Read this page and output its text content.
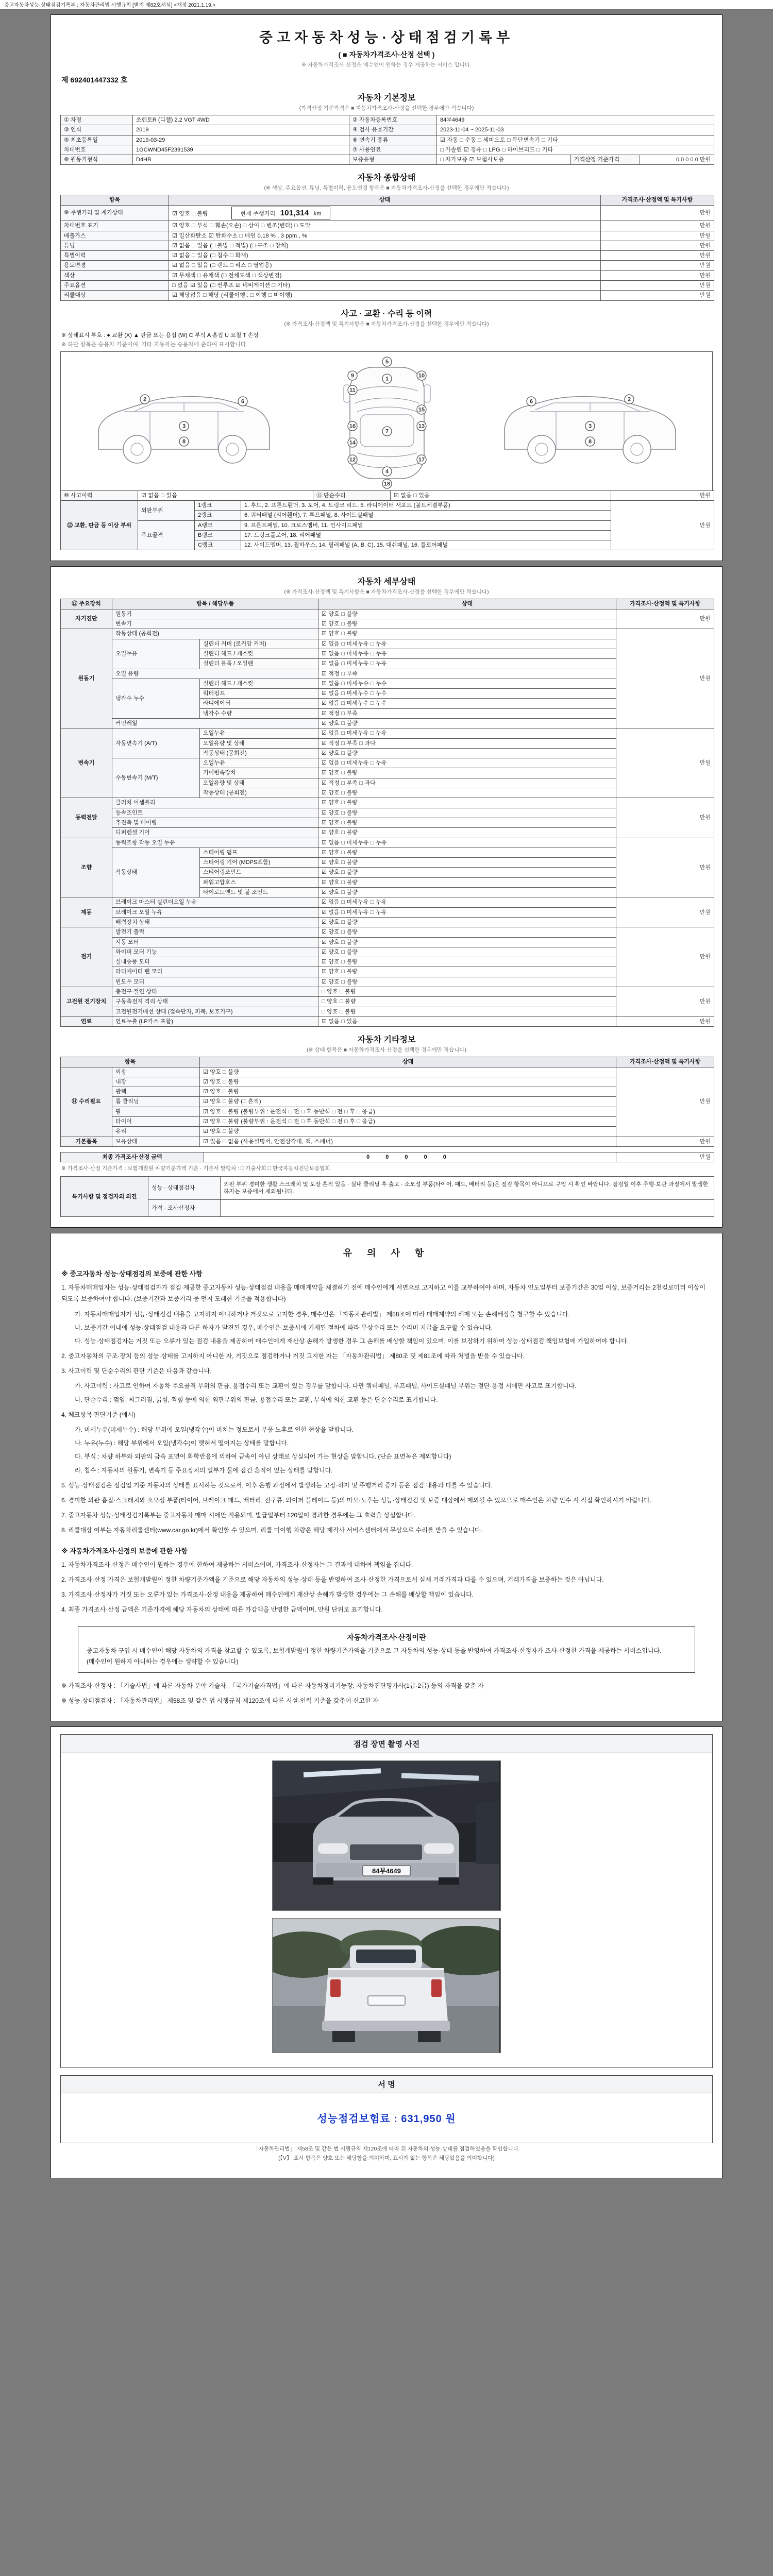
중고자동차성능·상태점검기록부 : 자동차관리법 시행규칙 [별지 제82호서식] <개정 2021.1.19.>
중고자동차성능·상태점검기록부
( ■ 자동차가격조사·산정 선택 )
※ 자동차가격조사·산정은 매수인이 원하는 경우 제공하는 서비스 입니다.
제 692401447332 호
자동차 기본정보
(가격산정 기준가격은 ■ 자동차가격조사·산정을 선택한 경우에만 적습니다)
① 차명	쏘렌토R (디젤) 2.2 VGT 4WD	② 자동차등록번호	84부4649		
③ 연식	2019	④ 검사 유효기간	2023-11-04 ~ 2025-11-03		
⑤ 최초등록일	2019-03-29	⑥ 변속기 종류	☑ 자동 □ 수동 □ 세미오토 □ 무단변속기 □ 기타		
차대번호	1GCWND45F2391539	⑦ 사용연료	□ 가솔린 ☑ 경유 □ LPG □ 하이브리드 □ 기타		
⑧ 원동기형식	D4HB	보증유형	□ 자가보증 ☑ 보험사보증	가격산정 기준가격	0 0 0 0 0 만원
자동차 종합상태
(※ 색상, 주요옵션, 튜닝, 특별이력, 용도변경 항목은 ■ 자동차가격조사·산정을 선택한 경우에만 적습니다)
항목	상태	가격조사·산정액 및 특기사항
⑨ 주행거리 및 계기상태	☑ 양호 □ 불량 현재 주행거리 101,314 km	만원
차대번호 표기	☑ 양호 □ 부식 □ 훼손(오손) □ 상이 □ 변조(변타) □ 도말	만원
배출가스	☑ 일산화탄소 ☑ 탄화수소 □ 매연 0.18 % , 3 ppm , %	만원
튜닝	☑ 없음 □ 있음 (□ 불법 □ 적법) (□ 구조 □ 장치)	만원
특별이력	☑ 없음 □ 있음 (□ 침수 □ 화재)	만원
용도변경	☑ 없음 □ 있음 (□ 렌트 □ 리스 □ 영업용)	만원
색상	☑ 무채색 □ 유채색 (□ 전체도색 □ 색상변경)	만원
주요옵션	□ 없음 ☑ 있음 (□ 썬루프 ☑ 네비게이션 □ 기타)	만원
리콜대상	☑ 해당없음 □ 해당 (리콜이행 : □ 이행 □ 미이행)	만원
사고 · 교환 · 수리 등 이력
(※ 가격조사·산정액 및 특기사항은 ■ 자동차가격조사·산정을 선택한 경우에만 적습니다)
※ 상태표시 부호 : ● 교환 (X) ▲ 판금 또는 용접 (W) C 부식 A 흠집 U 요철 T 손상
※ 하단 항목은 승용차 기준이며, 기타 자동차는 승용차에 준하여 표시합니다.
2
3
6
8
5
1
7
4
18
9	10
11
15
16	13
14
12	17
2
3
6
8
⑩ 사고이력	☑ 없음 □ 있음	⑪ 단순수리	☑ 없음 □ 있음	만원
⑫ 교환, 판금 등 이상 부위	외판부위	1랭크	1. 후드, 2. 프론트휀더, 3. 도어, 4. 트렁크 리드, 5. 라디에이터 서포트 (볼트체결부품)	만원
		2랭크	6. 쿼터패널 (리어휀더), 7. 루프패널, 8. 사이드실패널	
	주요골격	A랭크	9. 프론트패널, 10. 크로스멤버, 11. 인사이드패널	
		B랭크	17. 트렁크플로어, 18. 리어패널	
		C랭크	12. 사이드멤버, 13. 휠하우스, 14. 필러패널 (A, B, C), 15. 대쉬패널, 16. 플로어패널	
자동차 세부상태
(※ 가격조사·산정액 및 특기사항은 ■ 자동차가격조사·산정을 선택한 경우에만 적습니다)
⑬ 주요장치	항목 / 해당부품		상태	가격조사·산정액 및 특기사항
자기진단	원동기		☑ 양호 □ 불량	만원
	변속기		☑ 양호 □ 불량	
원동기	작동상태 (공회전)		☑ 양호 □ 불량	만원
	오일누유	실린더 커버 (로커암 커버)	☑ 없음 □ 미세누유 □ 누유	
		실린더 헤드 / 개스킷	☑ 없음 □ 미세누유 □ 누유	
		실린더 블록 / 오일팬	☑ 없음 □ 미세누유 □ 누유	
	오일 유량		☑ 적정 □ 부족	
	냉각수 누수	실린더 헤드 / 개스킷	☑ 없음 □ 미세누수 □ 누수	
		워터펌프	☑ 없음 □ 미세누수 □ 누수	
		라디에이터	☑ 없음 □ 미세누수 □ 누수	
		냉각수 수량	☑ 적정 □ 부족	
	커먼레일		☑ 양호 □ 불량	
변속기	자동변속기 (A/T)	오일누유	☑ 없음 □ 미세누유 □ 누유	만원
		오일유량 및 상태	☑ 적정 □ 부족 □ 과다	
		작동상태 (공회전)	☑ 양호 □ 불량	
	수동변속기 (M/T)	오일누유	☑ 없음 □ 미세누유 □ 누유	
		기어변속장치	☑ 양호 □ 불량	
		오일유량 및 상태	☑ 적정 □ 부족 □ 과다	
		작동상태 (공회전)	☑ 양호 □ 불량	
동력전달	클러치 어셈블리		☑ 양호 □ 불량	만원
	등속조인트		☑ 양호 □ 불량	
	추진축 및 베어링		☑ 양호 □ 불량	
	디퍼렌셜 기어		☑ 양호 □ 불량	
조향	동력조향 작동 오일 누유		☑ 없음 □ 미세누유 □ 누유	만원
	작동상태	스티어링 펌프	☑ 양호 □ 불량	
		스티어링 기어 (MDPS포함)	☑ 양호 □ 불량	
		스티어링조인트	☑ 양호 □ 불량	
		파워고압호스	☑ 양호 □ 불량	
		타이로드엔드 및 볼 조인트	☑ 양호 □ 불량	
제동	브레이크 마스터 실린더오일 누유		☑ 없음 □ 미세누유 □ 누유	만원
	브레이크 오일 누유		☑ 없음 □ 미세누유 □ 누유	
	배력장치 상태		☑ 양호 □ 불량	
전기	발전기 출력		☑ 양호 □ 불량	만원
	시동 모터		☑ 양호 □ 불량	
	와이퍼 모터 기능		☑ 양호 □ 불량	
	실내송풍 모터		☑ 양호 □ 불량	
	라디에이터 팬 모터		☑ 양호 □ 불량	
	윈도우 모터		☑ 양호 □ 불량	
고전원 전기장치	충전구 절연 상태		□ 양호 □ 불량	만원
	구동축전지 격리 상태		□ 양호 □ 불량	
	고전원전기배선 상태 (접속단자, 피복, 보호기구)		□ 양호 □ 불량	
연료	연료누출 (LP가스 포함)		☑ 없음 □ 있음	만원
자동차 기타정보
(※ 상태 항목은 ■ 자동차가격조사·산정을 선택한 경우에만 적습니다)
항목		상태	가격조사·산정액 및 특기사항
⑭ 수리필요	외장	☑ 양호 □ 불량	만원
	내장	☑ 양호 □ 불량	
	광택	☑ 양호 □ 불량	
	룸 클리닝	☑ 양호 □ 불량 (□ 흔적)	
	휠	☑ 양호 □ 불량 (불량부위 : 운전석 □ 전 □ 후 동반석 □ 전 □ 후 □ 응급)	
	타이어	☑ 양호 □ 불량 (불량부위 : 운전석 □ 전 □ 후 동반석 □ 전 □ 후 □ 응급)	
	유리	☑ 양호 □ 불량	
기본품목	보유상태	☑ 있음 □ 없음 (사용설명서, 안전삼각대, 잭, 스패너)	만원
최종 가격조사·산정 금액	0 0 0 0 0	만원
※ 가격조사·산정 기준가격 : 보험개발원 차량기준가액 기준 · 기준서 발행처 : □ 기술사회 □ 한국자동차진단보증협회
특기사항 및 점검자의 의견	성능 · 상태점검자	외판 부위 경미한 생활 스크래치 및 도장 흔적 있음 · 실내 클리닝 후 출고 · 소모성 부품(타이어, 패드, 배터리 등)은 점검 항목이 아니므로 구입 시 확인 바랍니다. 점검일 이후 주행·보관 과정에서 발생한 하자는 보증에서 제외됩니다.
	가격 · 조사산정자	
유 의 사 항
※ 중고자동차 성능·상태점검의 보증에 관한 사항
1. 자동차매매업자는 성능·상태점검자가 점검·제공한 중고자동차 성능·상태점검 내용을 매매계약을 체결하기 전에 매수인에게 서면으로 고지하고 이를 교부하여야 하며, 자동차 인도일부터 보증기간은 30일 이상, 보증거리는 2천킬로미터 이상이 되도록 보증하여야 합니다. (보증기간과 보증거리 중 먼저 도래한 기준을 적용합니다)
가. 자동차매매업자가 성능·상태점검 내용을 고지하지 아니하거나 거짓으로 고지한 경우, 매수인은 「자동차관리법」 제58조에 따라 매매계약의 해제 또는 손해배상을 청구할 수 있습니다.
나. 보증기간 이내에 성능·상태점검 내용과 다른 하자가 발견된 경우, 매수인은 보증서에 기재된 절차에 따라 무상수리 또는 수리비 지급을 요구할 수 있습니다.
다. 성능·상태점검자는 거짓 또는 오류가 있는 점검 내용을 제공하여 매수인에게 재산상 손해가 발생한 경우 그 손해를 배상할 책임이 있으며, 이를 보장하기 위하여 성능·상태점검 책임보험에 가입하여야 합니다.
2. 중고자동차의 구조·장치 등의 성능·상태를 고지하지 아니한 자, 거짓으로 점검하거나 거짓 고지한 자는 「자동차관리법」 제80조 및 제81조에 따라 처벌을 받을 수 있습니다.
3. 사고이력 및 단순수리의 판단 기준은 다음과 같습니다.
가. 사고이력 : 사고로 인하여 자동차 주요골격 부위의 판금, 용접수리 또는 교환이 있는 경우를 말합니다. 다만 쿼터패널, 루프패널, 사이드실패널 부위는 절단·용접 시에만 사고로 표기합니다.
나. 단순수리 : 꺾임, 찌그러짐, 긁힘, 찍힘 등에 의한 외판부위의 판금, 용접수리 또는 교환, 부식에 의한 교환 등은 단순수리로 표기합니다.
4. 체크항목 판단기준 (예시)
가. 미세누유(미세누수) : 해당 부위에 오일(냉각수)이 비치는 정도로서 부품 노후로 인한 현상을 말합니다.
나. 누유(누수) : 해당 부위에서 오일(냉각수)이 맺혀서 떨어지는 상태를 말합니다.
다. 부식 : 차량 하부와 외판의 금속 표면이 화학반응에 의하여 금속이 아닌 상태로 상실되어 가는 현상을 말합니다. (단순 표면녹은 제외합니다)
라. 침수 : 자동차의 원동기, 변속기 등 주요장치의 일부가 물에 잠긴 흔적이 있는 상태를 말합니다.
5. 성능·상태점검은 점검일 기준 자동차의 상태를 표시하는 것으로서, 이후 운행 과정에서 발생하는 고장·하자 및 주행거리 증가 등은 점검 내용과 다를 수 있습니다.
6. 경미한 외관 흠집·스크래치와 소모성 부품(타이어, 브레이크 패드, 배터리, 전구류, 와이퍼 블레이드 등)의 마모·노후는 성능·상태점검 및 보증 대상에서 제외될 수 있으므로 매수인은 차량 인수 시 직접 확인하시기 바랍니다.
7. 중고자동차 성능·상태점검기록부는 중고자동차 매매 시에만 적용되며, 발급일부터 120일이 경과한 경우에는 그 효력을 상실합니다.
8. 리콜대상 여부는 자동차리콜센터(www.car.go.kr)에서 확인할 수 있으며, 리콜 미이행 차량은 해당 제작사 서비스센터에서 무상으로 수리를 받을 수 있습니다.
※ 자동차가격조사·산정의 보증에 관한 사항
1. 자동차가격조사·산정은 매수인이 원하는 경우에 한하여 제공하는 서비스이며, 가격조사·산정자는 그 결과에 대하여 책임을 집니다.
2. 가격조사·산정 가격은 보험개발원이 정한 차량기준가액을 기준으로 해당 자동차의 성능·상태 등을 반영하여 조사·산정한 가격으로서 실제 거래가격과 다를 수 있으며, 거래가격을 보증하는 것은 아닙니다.
3. 가격조사·산정자가 거짓 또는 오류가 있는 가격조사·산정 내용을 제공하여 매수인에게 재산상 손해가 발생한 경우에는 그 손해를 배상할 책임이 있습니다.
4. 최종 가격조사·산정 금액은 기준가격에 해당 자동차의 상태에 따른 가감액을 반영한 금액이며, 만원 단위로 표기합니다.
자동차가격조사·산정이란
중고자동차 구입 시 매수인이 해당 자동차의 가격을 참고할 수 있도록, 보험개발원이 정한 차량기준가액을 기준으로 그 자동차의 성능·상태 등을 반영하여 가격조사·산정자가 조사·산정한 가격을 제공하는 서비스입니다. (매수인이 원하지 아니하는 경우에는 생략할 수 있습니다)
※ 가격조사·산정자 : 「기술사법」에 따른 자동차 분야 기술사, 「국가기술자격법」에 따른 자동차정비기능장, 자동차진단평가사(1급·2급) 등의 자격을 갖춘 자
※ 성능·상태점검자 : 「자동차관리법」 제58조 및 같은 법 시행규칙 제120조에 따른 시설·인력 기준을 갖추어 신고한 자
점검 장면 촬영 사진
84부4649
서 명
성능점검보험료 : 631,950 원
「자동차관리법」 제58조 및 같은 법 시행규칙 제120조에 따라 위 자동차의 성능·상태를 점검하였음을 확인합니다.
(【V】 표시 항목은 양호 또는 해당함을 의미하며, 표시가 없는 항목은 해당없음을 의미합니다)
